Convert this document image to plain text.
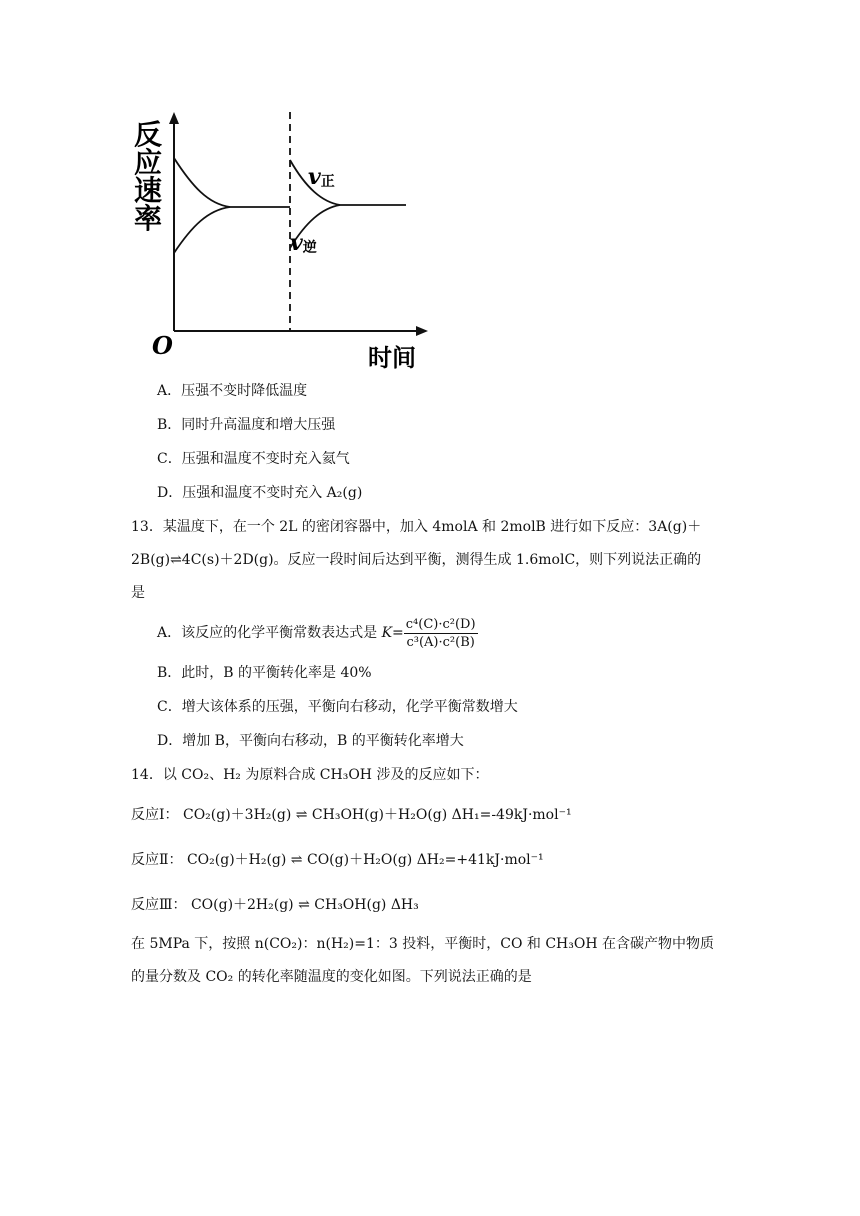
反
应
速
率
O	时间
v正
v逆
A．压强不变时降低温度
B．同时升高温度和增大压强
C．压强和温度不变时充入氦气
D．压强和温度不变时充入 A₂(g)
13．某温度下，在一个 2L 的密闭容器中，加入 4molA 和 2molB 进行如下反应：3A(g)＋
2B(g)⇌4C(s)＋2D(g)。反应一段时间后达到平衡，测得生成 1.6molC，则下列说法正确的
是
A．该反应的化学平衡常数表达式是 $K= \frac{\text{c⁴(C)·c²(D)}}{\text{c³(A)·c²(B)}}$
B．此时，B 的平衡转化率是 40%
C．增大该体系的压强，平衡向右移动，化学平衡常数增大
D．增加 B，平衡向右移动，B 的平衡转化率增大
14．以 CO₂、H₂ 为原料合成 CH₃OH 涉及的反应如下：
反应Ⅰ： CO₂(g)＋3H₂(g) ⇌ CH₃OH(g)＋H₂O(g) ΔH₁=-49kJ·mol⁻¹
反应Ⅱ： CO₂(g)＋H₂(g) ⇌ CO(g)＋H₂O(g) ΔH₂=+41kJ·mol⁻¹
反应Ⅲ： CO(g)＋2H₂(g) ⇌ CH₃OH(g) ΔH₃
在 5MPa 下，按照 n(CO₂)：n(H₂)=1：3 投料，平衡时，CO 和 CH₃OH 在含碳产物中物质
的量分数及 CO₂ 的转化率随温度的变化如图。下列说法正确的是
